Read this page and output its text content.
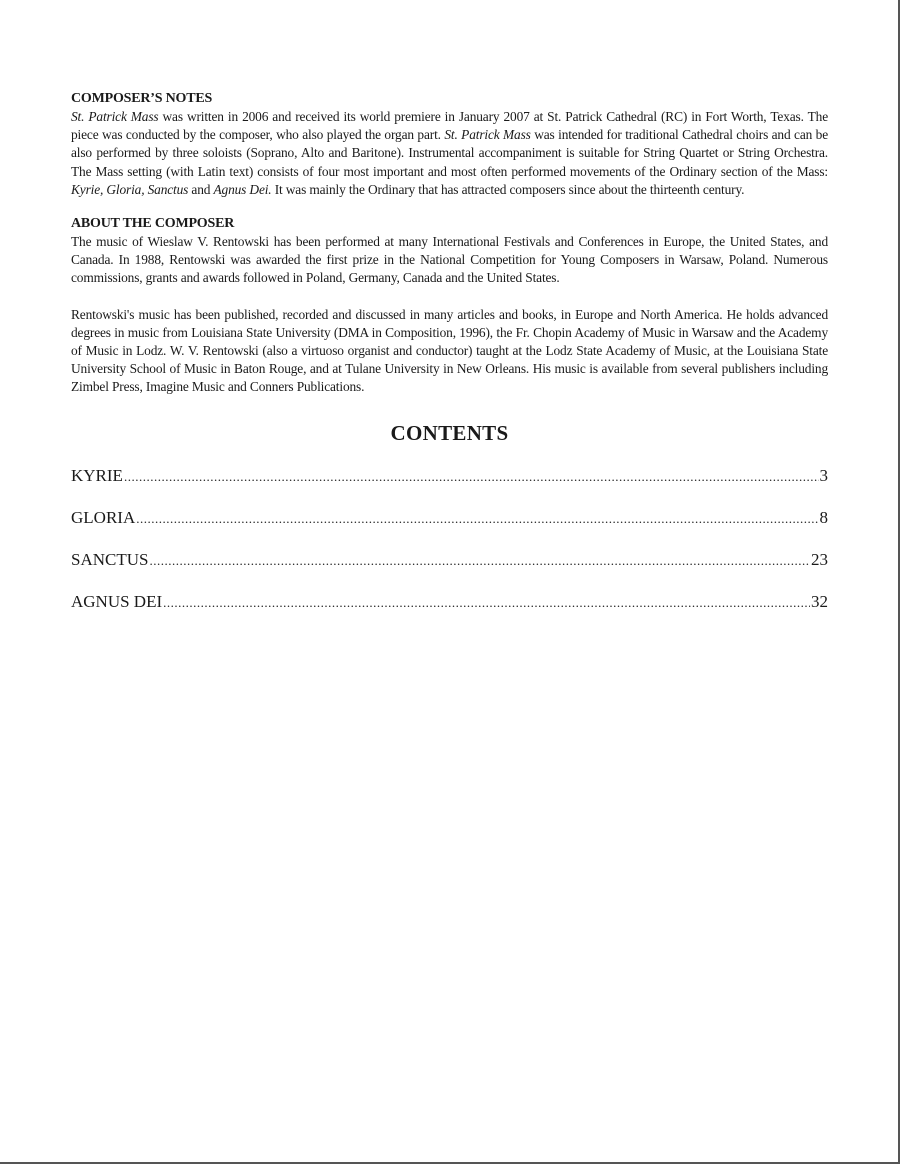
COMPOSER’S NOTES

St. Patrick Mass was written in 2006 and received its world premiere in January 2007 at St. Patrick Cathedral (RC) in Fort Worth, Texas. The piece was conducted by the composer, who also played the organ part. St. Patrick Mass was intended for traditional Cathedral choirs and can be also performed by three soloists (Soprano, Alto and Baritone). Instrumental accompaniment is suitable for String Quartet or String Orchestra. The Mass setting (with Latin text) consists of four most important and most often performed movements of the Ordinary section of the Mass: Kyrie, Gloria, Sanctus and Agnus Dei. It was mainly the Ordinary that has attracted composers since about the thirteenth century.

ABOUT THE COMPOSER

The music of Wieslaw V. Rentowski has been performed at many International Festivals and Conferences in Europe, the United States, and Canada. In 1988, Rentowski was awarded the first prize in the National Competition for Young Composers in Warsaw, Poland. Numerous commissions, grants and awards followed in Poland, Germany, Canada and the United States.

Rentowski's music has been published, recorded and discussed in many articles and books, in Europe and North America. He holds advanced degrees in music from Louisiana State University (DMA in Composition, 1996), the Fr. Chopin Academy of Music in Warsaw and the Academy of Music in Lodz. W. V. Rentowski (also a virtuoso organist and conductor) taught at the Lodz State Academy of Music, at the Louisiana State University School of Music in Baton Rouge, and at Tulane University in New Orleans. His music is available from several publishers including Zimbel Press, Imagine Music and Conners Publications.

CONTENTS
KYRIE .....	3
GLORIA .....	8
SANCTUS .....	23
AGNUS DEI .....	32
